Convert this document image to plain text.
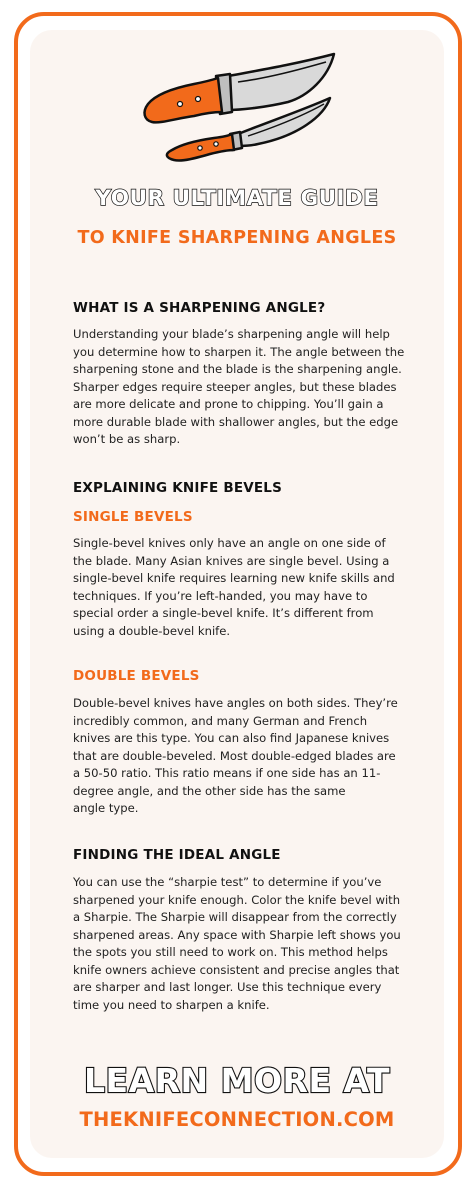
YOUR ULTIMATE GUIDE
TO KNIFE SHARPENING ANGLES
WHAT IS A SHARPENING ANGLE?

Understanding your blade’s sharpening angle will help
you determine how to sharpen it. The angle between the
sharpening stone and the blade is the sharpening angle.
Sharper edges require steeper angles, but these blades
are more delicate and prone to chipping. You’ll gain a
more durable blade with shallower angles, but the edge
won’t be as sharp.

EXPLAINING KNIFE BEVELS
SINGLE BEVELS

Single-bevel knives only have an angle on one side of
the blade. Many Asian knives are single bevel. Using a
single-bevel knife requires learning new knife skills and
techniques. If you’re left-handed, you may have to
special order a single-bevel knife. It’s different from
using a double-bevel knife.

DOUBLE BEVELS

Double-bevel knives have angles on both sides. They’re
incredibly common, and many German and French
knives are this type. You can also find Japanese knives
that are double-beveled. Most double-edged blades are
a 50-50 ratio. This ratio means if one side has an 11-
degree angle, and the other side has the same
angle type.

FINDING THE IDEAL ANGLE

You can use the “sharpie test” to determine if you’ve
sharpened your knife enough. Color the knife bevel with
a Sharpie. The Sharpie will disappear from the correctly
sharpened areas. Any space with Sharpie left shows you
the spots you still need to work on. This method helps
knife owners achieve consistent and precise angles that
are sharper and last longer. Use this technique every
time you need to sharpen a knife.

LEARN MORE AT
THEKNIFECONNECTION.COM
